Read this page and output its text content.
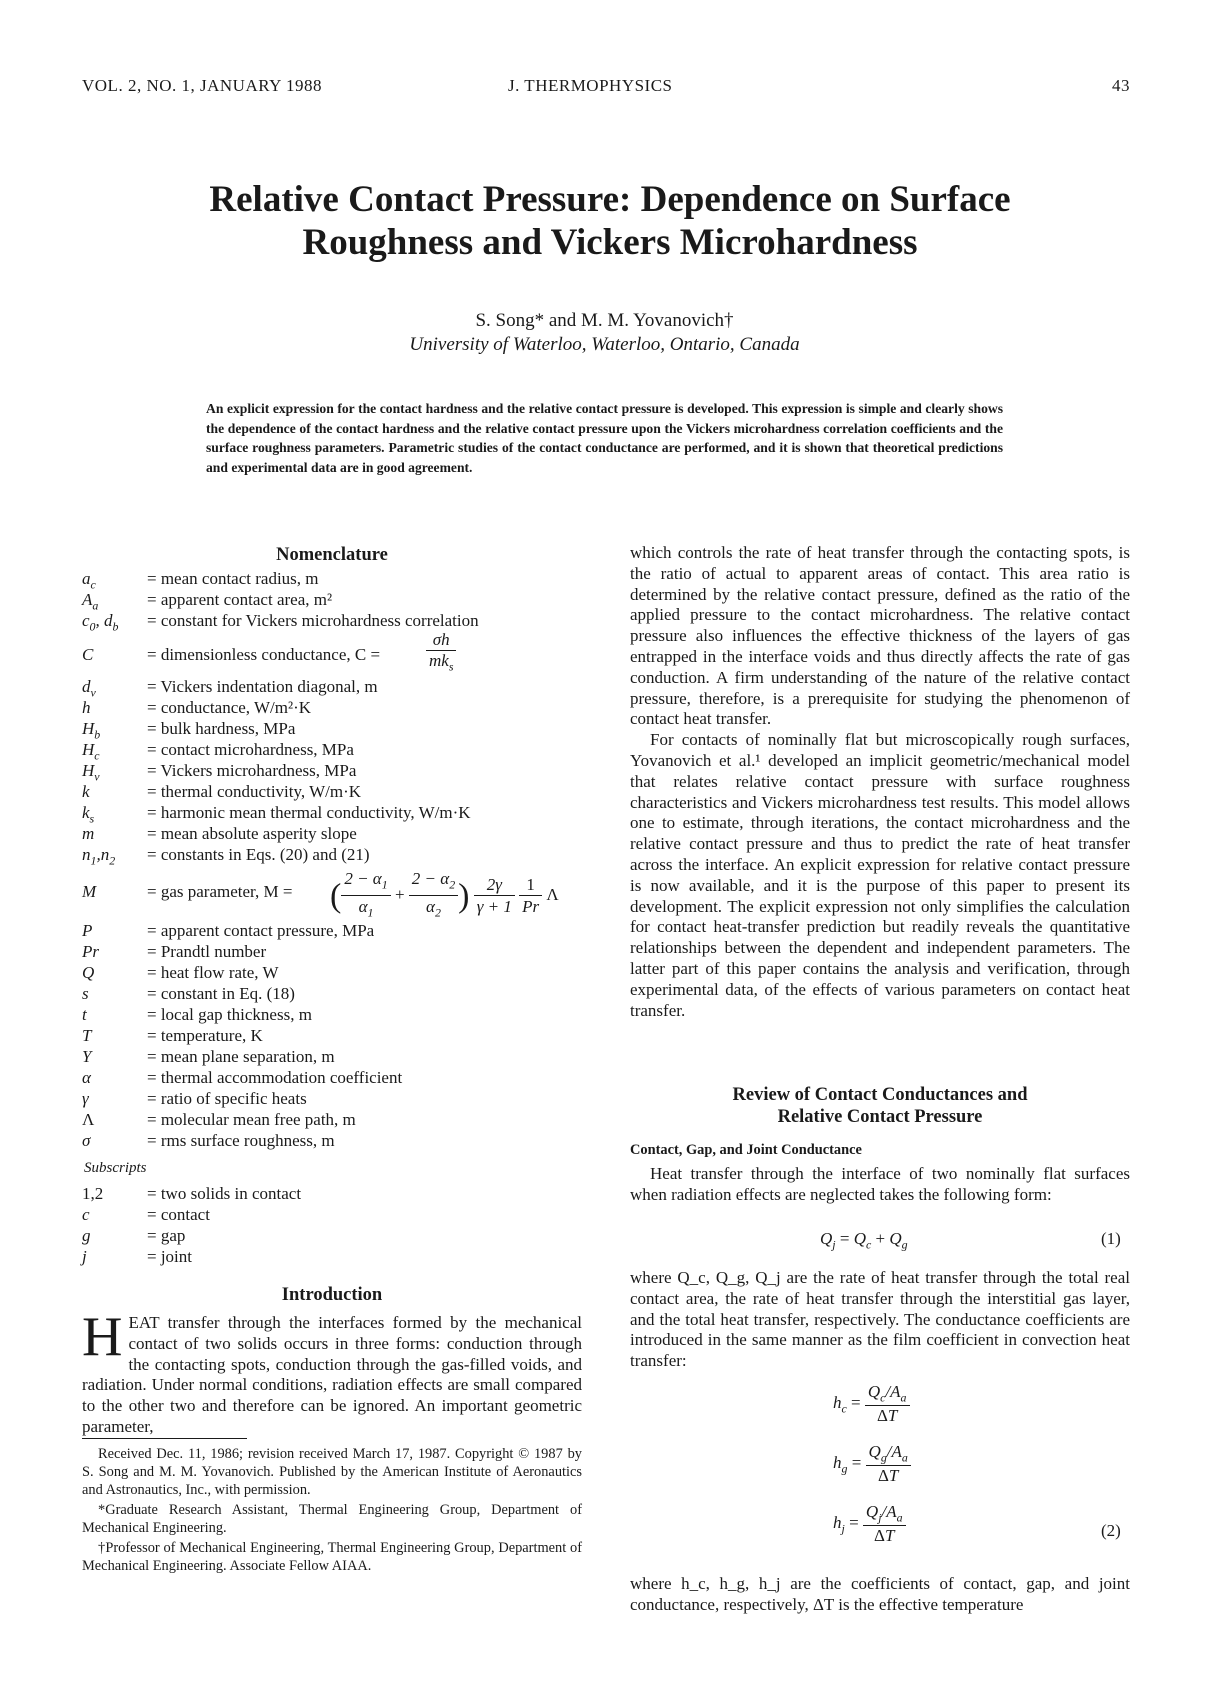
VOL. 2, NO. 1, JANUARY 1988	J. THERMOPHYSICS	43
Relative Contact Pressure: Dependence on Surface
Roughness and Vickers Microhardness
S. Song* and M. M. Yovanovich†
University of Waterloo, Waterloo, Ontario, Canada
An explicit expression for the contact hardness and the relative contact pressure is developed. This expression is simple and clearly shows the dependence of the contact hardness and the relative contact pressure upon the Vickers microhardness correlation coefficients and the surface roughness parameters. Parametric studies of the contact conductance are performed, and it is shown that theoretical predictions and experimental data are in good agreement.
Nomenclature
$a_c$	= mean contact radius, m
$A_a$	= apparent contact area, m²
$c_0$, $d_b$ = constant for Vickers microhardness correlation
C	= dimensionless conductance, C =	$\frac{\sigma h}{mk_s}$
$d_v$	= Vickers indentation diagonal, m
h	= conductance, W/m²·K
$H_b$	= bulk hardness, MPa
$H_c$	= contact microhardness, MPa
$H_v$	= Vickers microhardness, MPa
k	= thermal conductivity, W/m·K
$k_s$	= harmonic mean thermal conductivity, W/m·K
m	= mean absolute asperity slope
$n_1,n_2$ = constants in Eqs. (20) and (21)
M	= gas parameter, M = ( $\frac{2 - \alpha_1}{\alpha_1} + \frac{2 - \alpha_2}{\alpha_2}$ ) $\frac{2\gamma}{\gamma + 1}$
$\frac{1}{Pr}$ Λ
P	= apparent contact pressure, MPa
Pr	= Prandtl number
Q	= heat flow rate, W
s	= constant in Eq. (18)
t	= local gap thickness, m
T	= temperature, K
Y	= mean plane separation, m
α	= thermal accommodation coefficient
γ	= ratio of specific heats
Λ	= molecular mean free path, m
σ	= rms surface roughness, m
Subscripts
1,2	= two solids in contact
c	= contact
g	= gap
j	= joint
Introduction
HEAT transfer through the interfaces formed by the mechanical contact of two solids occurs in three forms: conduction through the contacting spots, conduction through the gas-filled voids, and radiation. Under normal conditions, radiation effects are small compared to the other two and therefore can be ignored. An important geometric parameter,

Received Dec. 11, 1986; revision received March 17, 1987. Copyright © 1987 by S. Song and M. M. Yovanovich. Published by the American Institute of Aeronautics and Astronautics, Inc., with permission.

*Graduate Research Assistant, Thermal Engineering Group, Department of Mechanical Engineering.

†Professor of Mechanical Engineering, Thermal Engineering Group, Department of Mechanical Engineering. Associate Fellow AIAA.

which controls the rate of heat transfer through the contacting spots, is the ratio of actual to apparent areas of contact. This area ratio is determined by the relative contact pressure, defined as the ratio of the applied pressure to the contact microhardness. The relative contact pressure also influences the effective thickness of the layers of gas entrapped in the interface voids and thus directly affects the rate of gas conduction. A firm understanding of the nature of the relative contact pressure, therefore, is a prerequisite for studying the phenomenon of contact heat transfer.

For contacts of nominally flat but microscopically rough surfaces, Yovanovich et al.¹ developed an implicit geometric/mechanical model that relates relative contact pressure with surface roughness characteristics and Vickers microhardness test results. This model allows one to estimate, through iterations, the contact microhardness and the relative contact pressure and thus to predict the rate of heat transfer across the interface. An explicit expression for relative contact pressure is now available, and it is the purpose of this paper to present its development. The explicit expression not only simplifies the calculation for contact heat-transfer prediction but readily reveals the quantitative relationships between the dependent and independent parameters. The latter part of this paper contains the analysis and verification, through experimental data, of the effects of various parameters on contact heat transfer.

Review of Contact Conductances and
Relative Contact Pressure
Contact, Gap, and Joint Conductance

Heat transfer through the interface of two nominally flat surfaces when radiation effects are neglected takes the following form:

$Q_j = Q_c + Q_g$	(1)
where Q_c, Q_g, Q_j are the rate of heat transfer through the total real contact area, the rate of heat transfer through the interstitial gas layer, and the total heat transfer, respectively. The conductance coefficients are introduced in the same manner as the film coefficient in convection heat transfer:
$h_c = \frac{Q_c/A_a}{\Delta T}$
$h_g = \frac{Q_g/A_a}{\Delta T}$
$h_j = \frac{Q_j/A_a}{\Delta T}$	(2)
where h_c, h_g, h_j are the coefficients of contact, gap, and joint conductance, respectively, ΔT is the effective temperature
